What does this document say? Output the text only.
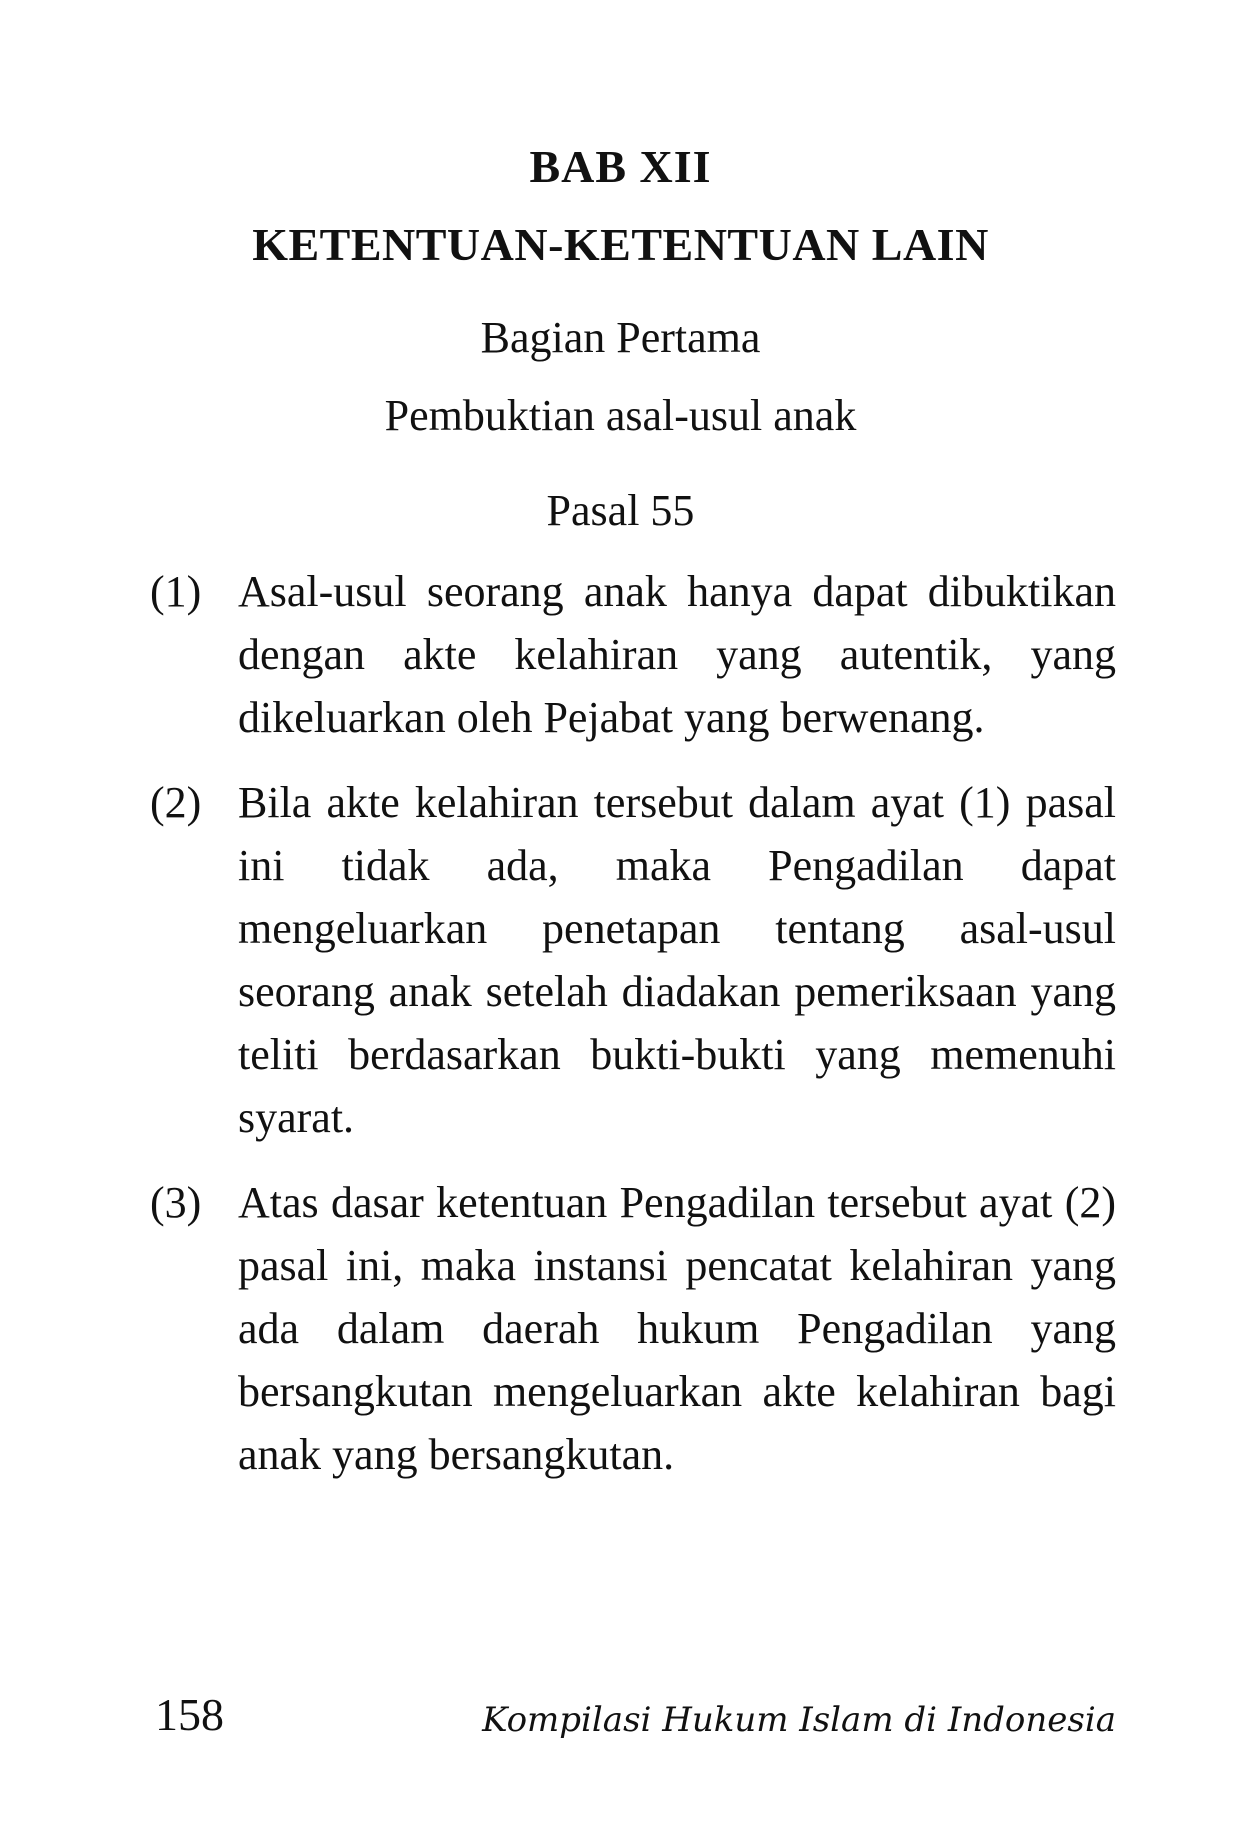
BAB XII
KETENTUAN-KETENTUAN LAIN
Bagian Pertama
Pembuktian asal-usul anak
Pasal 55
(1) Asal-usul seorang anak hanya dapat dibuktikan dengan akte kelahiran yang autentik, yang dikeluarkan oleh Pejabat yang berwenang.
(2) Bila akte kelahiran tersebut dalam ayat (1) pasal ini tidak ada, maka Pengadilan dapat mengeluarkan penetapan tentang asal-usul seorang anak setelah diadakan pemeriksaan yang teliti berdasarkan bukti-bukti yang memenuhi syarat.
(3) Atas dasar ketentuan Pengadilan tersebut ayat (2) pasal ini, maka instansi pencatat kelahiran yang ada dalam daerah hukum Pengadilan yang bersangkutan mengeluarkan akte kelahiran bagi anak yang bersangkutan.
158	Kompilasi Hukum Islam di Indonesia
